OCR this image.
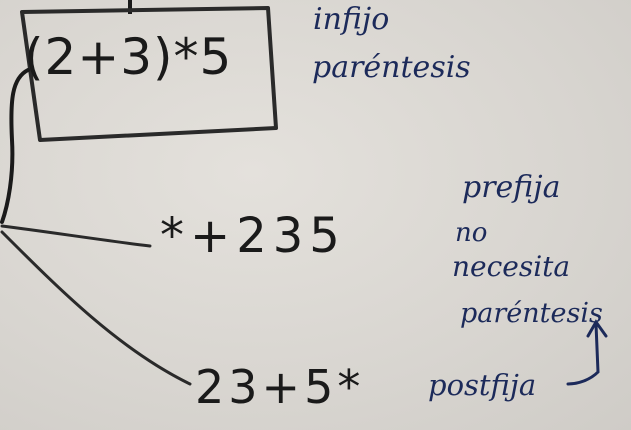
(2+3)*5
infijo
paréntesis
*+235
prefija
no
necesita
paréntesis
23+5* postfija
